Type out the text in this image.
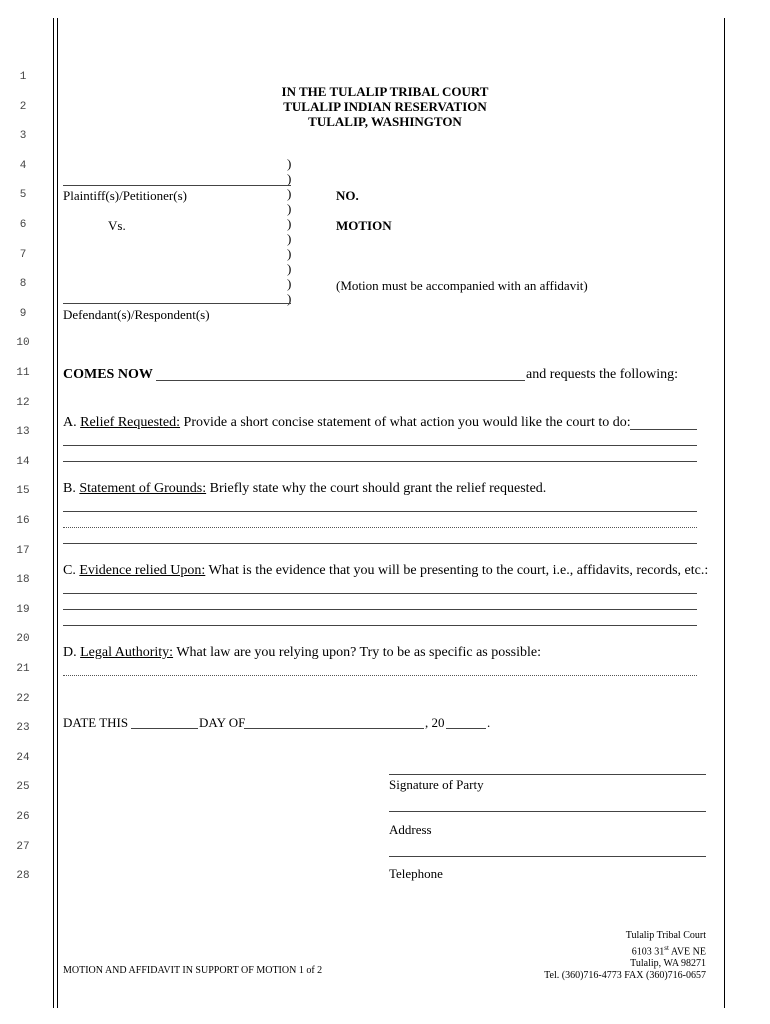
1
2
3
4
5
6
7
8
9
10
11
12
13
14
15
16
17
18
19
20
21
22
23
24
25
26
27
28
IN THE TULALIP TRIBAL COURT
TULALIP INDIAN RESERVATION
TULALIP, WASHINGTON
)
)
)
)
)
)
)
)
)
)
Plaintiff(s)/Petitioner(s)
Vs.
Defendant(s)/Respondent(s)
NO.
MOTION
(Motion must be accompanied with an affidavit)
COMES NOW	and requests the following:
A. Relief Requested: Provide a short concise statement of what action you would like the court to do:
B. Statement of Grounds: Briefly state why the court should grant the relief requested.
C. Evidence relied Upon: What is the evidence that you will be presenting to the court, i.e., affidavits, records, etc.:
D. Legal Authority: What law are you relying upon? Try to be as specific as possible:
DATE THIS	DAY OF	, 20	.
Signature of Party
Address
Telephone
MOTION AND AFFIDAVIT IN SUPPORT OF MOTION 1 of 2
Tulalip Tribal Court
6103 31st AVE NE
Tulalip, WA 98271
Tel. (360)716-4773 FAX (360)716-0657
